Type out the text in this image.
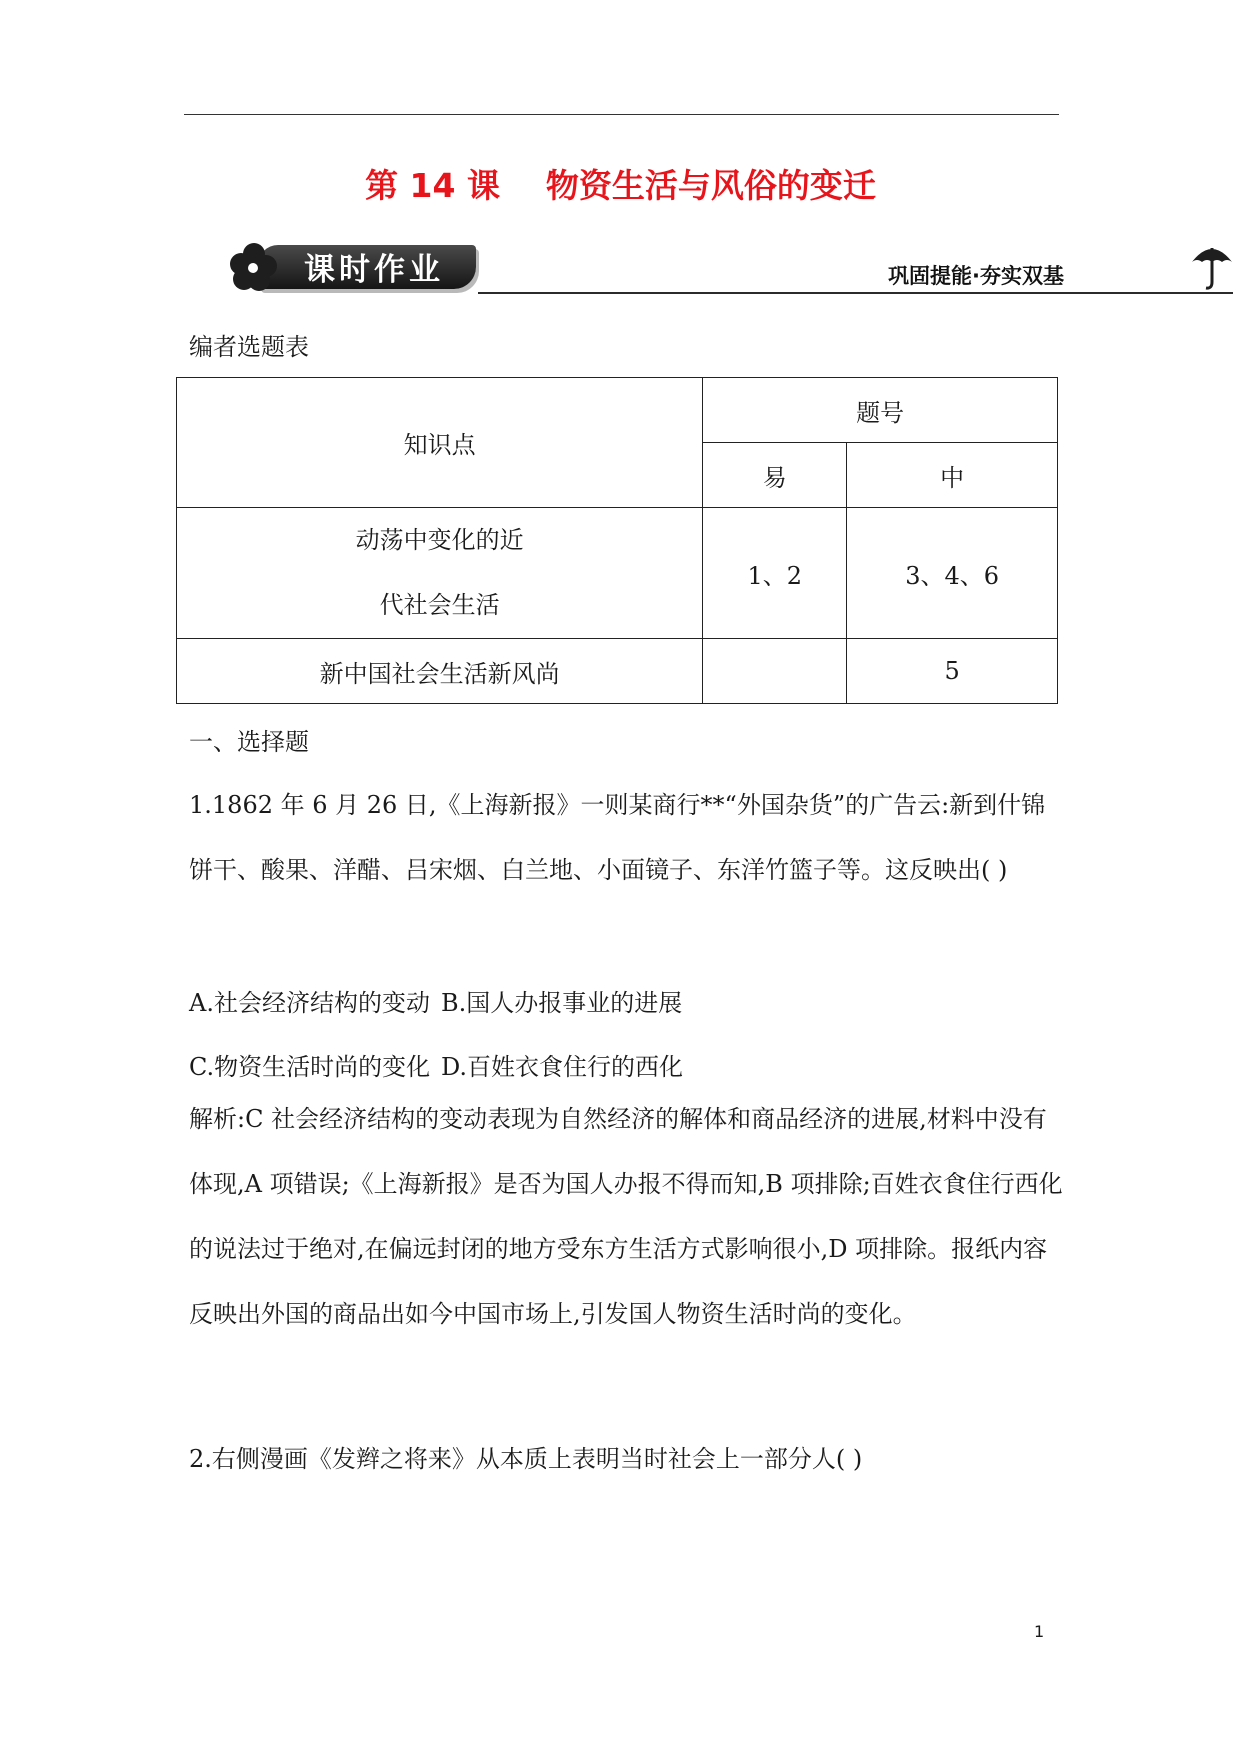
第 14 课    物资生活与风俗的变迁
课时作业	巩固提能·夯实双基
编者选题表
知识点	题号	
	易	中

动荡中变化的近
代社会生活	1、2	3、4、6
新中国社会生活新风尚		5
一、选择题
1.1862 年 6 月 26 日,《上海新报》一则某商行**“外国杂货”的广告云:新到什锦饼干、酸果、洋醋、吕宋烟、白兰地、小面镜子、东洋竹篮子等。这反映出( )
A.社会经济结构的变动 B.国人办报事业的进展
C.物资生活时尚的变化 D.百姓衣食住行的西化
解析:C 社会经济结构的变动表现为自然经济的解体和商品经济的进展,材料中没有体现,A 项错误;《上海新报》是否为国人办报不得而知,B 项排除;百姓衣食住行西化的说法过于绝对,在偏远封闭的地方受东方生活方式影响很小,D 项排除。报纸内容反映出外国的商品出如今中国市场上,引发国人物资生活时尚的变化。
2.右侧漫画《发辫之将来》从本质上表明当时社会上一部分人( )
1
